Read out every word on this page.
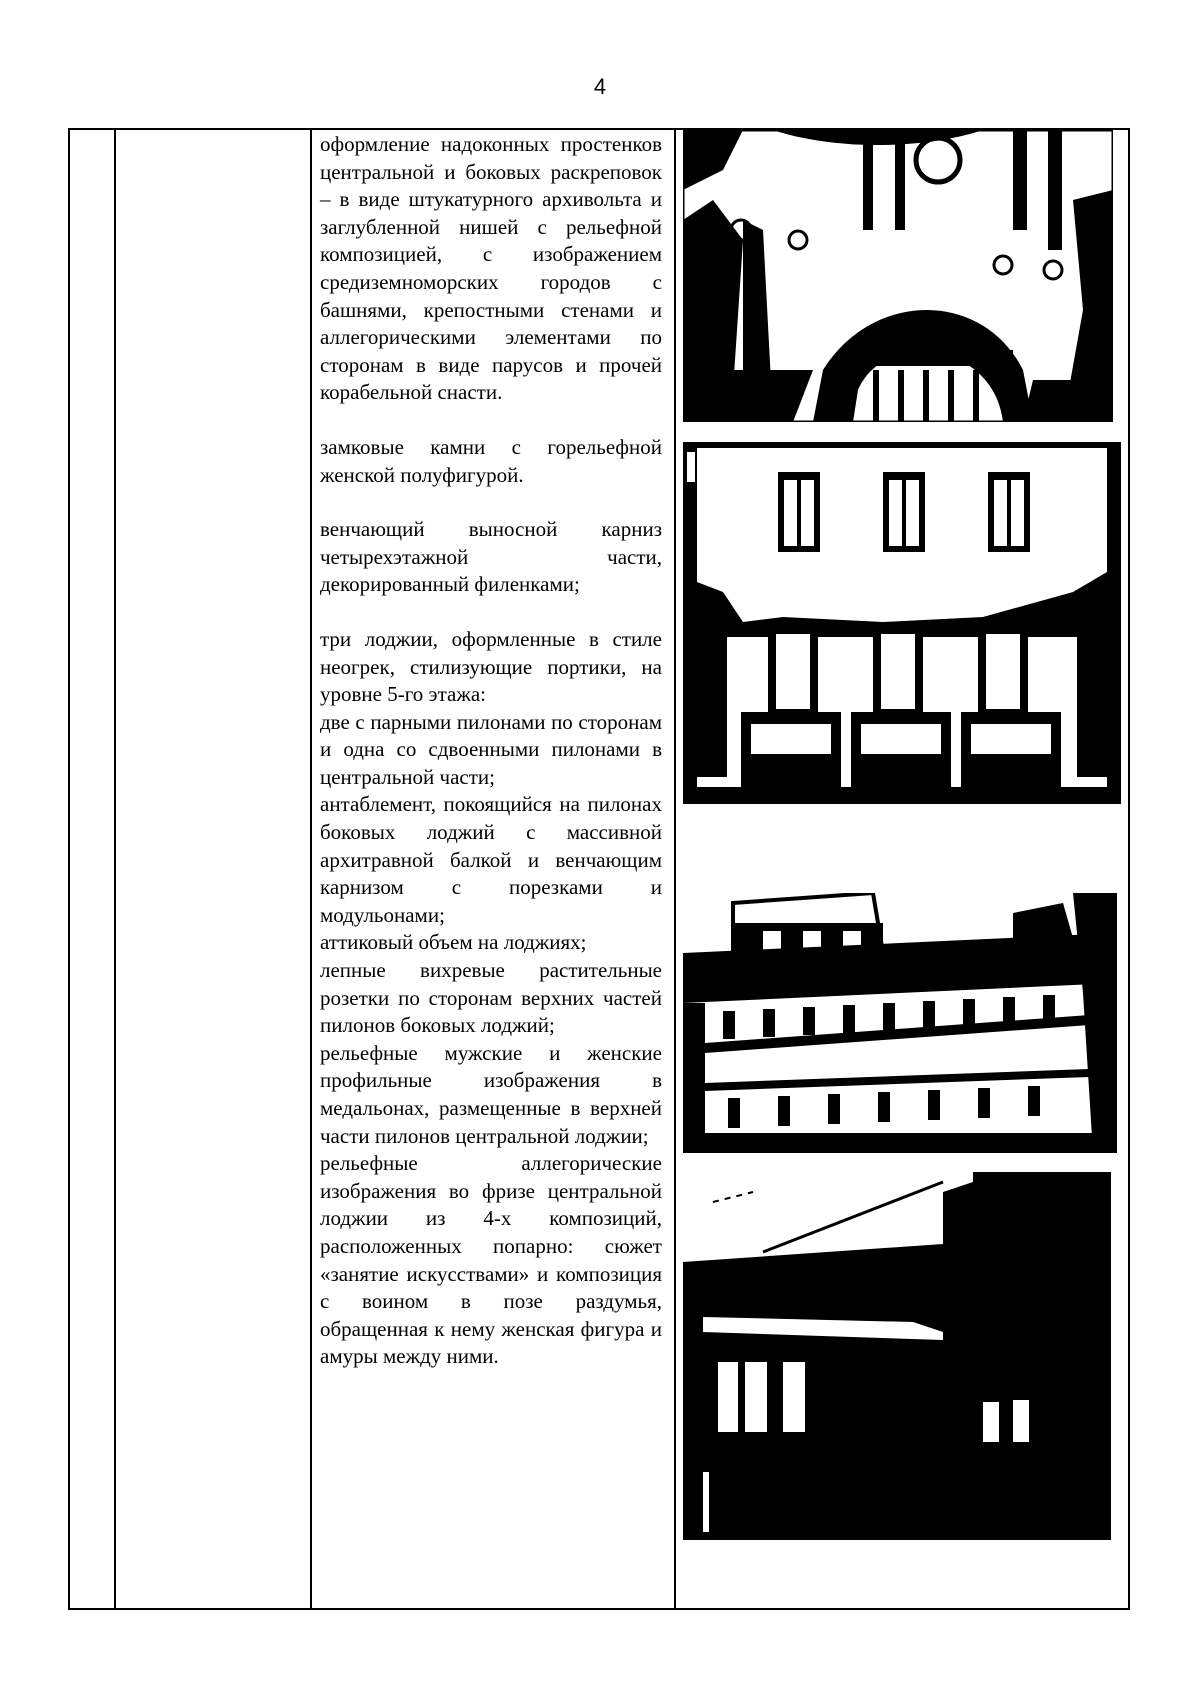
4

оформление надоконных простенков центральной и боковых раскреповок – в виде штукатурного архивольта и заглубленной нишей с рельефной композицией, с изображением средиземноморских городов с башнями, крепостными стенами и аллегорическими элементами по сторонам в виде парусов и прочей корабельной снасти.

замковые камни с горельефной женской полуфигурой.

венчающий выносной карниз четырехэтажной части, декорированный филенками;

три лоджии, оформленные в стиле неогрек, стилизующие портики, на уровне 5-го этажа:

две с парными пилонами по сторонам и одна со сдвоенными пилонами в центральной части;

антаблемент, покоящийся на пилонах боковых лоджий с массивной архитравной балкой и венчающим карнизом с порезками и модульонами;

аттиковый объем на лоджиях;

лепные вихревые растительные розетки по сторонам верхних частей пилонов боковых лоджий;

рельефные мужские и женские профильные изображения в медальонах, размещенные в верхней части пилонов центральной лоджии;

рельефные аллегорические изображения во фризе центральной лоджии из 4-х композиций, расположенных попарно: сюжет «занятие искусствами» и композиция с воином в позе раздумья, обращенная к нему женская фигура и амуры между ними.
